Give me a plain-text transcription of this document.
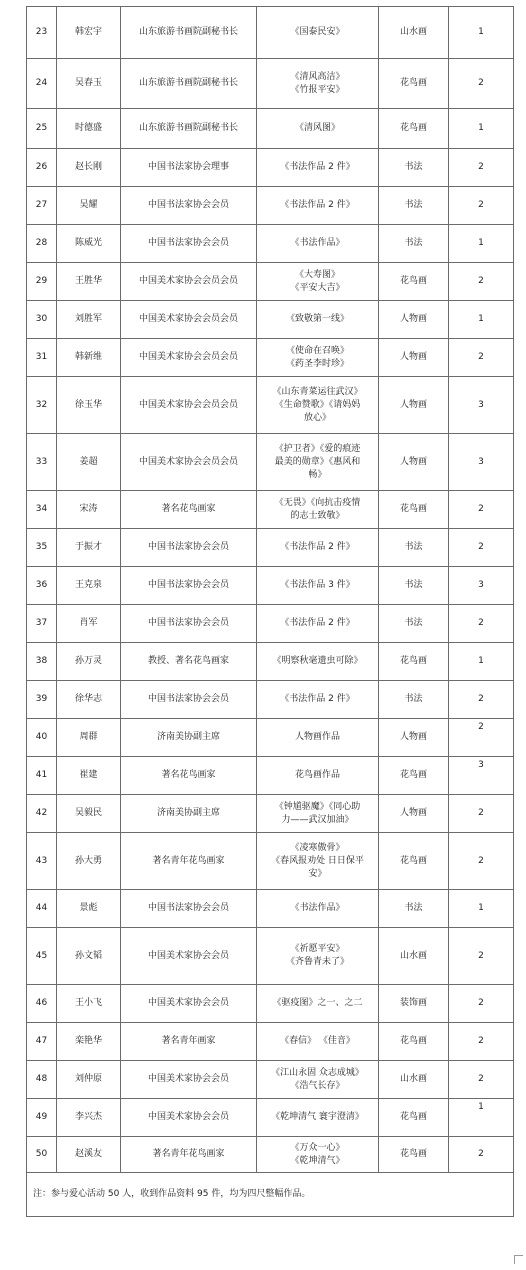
23	韩宏宇	山东旅游书画院副秘书长	《国泰民安》	山水画	1
24	吴春玉	山东旅游书画院副秘书长	《清风高洁》
《竹报平安》	花鸟画	2
25	时德盛	山东旅游书画院副秘书长	《清风图》	花鸟画	1
26	赵长刚	中国书法家协会理事	《书法作品 2 件》	书法	2
27	吴耀	中国书法家协会会员	《书法作品 2 件》	书法	2
28	陈威光	中国书法家协会会员	《书法作品》	书法	1
29	王胜华	中国美术家协会会员会员	《大寿图》
《平安大吉》	花鸟画	2
30	刘胜军	中国美术家协会会员会员	《致敬第一线》	人物画	1
31	韩新维	中国美术家协会会员会员	《使命在召唤》
《药圣李时珍》	人物画	2
32	徐玉华	中国美术家协会会员会员	《山东青菜运往武汉》
《生命赞歌》《请妈妈
放心》	人物画	3
33	姜超	中国美术家协会会员会员	《护卫者》《爱的痕迹
最美的勋章》《惠风和
畅》	人物画	3
34	宋涛	著名花鸟画家	《无畏》《向抗击疫情
的志士致敬》	花鸟画	2
35	于振才	中国书法家协会会员	《书法作品 2 件》	书法	2
36	王克泉	中国书法家协会会员	《书法作品 3 件》	书法	3
37	肖军	中国书法家协会会员	《书法作品 2 件》	书法	2
38	孙万灵	教授、著名花鸟画家	《明察秋毫遗虫可除》	花鸟画	1
39	徐华志	中国书法家协会会员	《书法作品 2 件》	书法	2
40	周群	济南美协副主席	人物画作品	人物画	2
41	崔建	著名花鸟画家	花鸟画作品	花鸟画	3
42	吴毅民	济南美协副主席	《钟馗驱魔》《同心助
力——武汉加油》	人物画	2
43	孙大勇	著名青年花鸟画家	《凌寒傲骨》
《春风报劝处 日日保平
安》	花鸟画	2
44	景彪	中国书法家协会会员	《书法作品》	书法	1
45	孙文韬	中国美术家协会会员	《祈愿平安》
《齐鲁青未了》	山水画	2
46	王小飞	中国美术家协会会员	《驱疫图》之一、之二	装饰画	2
47	栾艳华	著名青年画家	《春信》 《佳音》	花鸟画	2
48	刘仲原	中国美术家协会会员	《江山永固 众志成城》
《浩气长存》	山水画	2
49	李兴杰	中国美术家协会会员	《乾坤清气 寰宇澄清》	花鸟画	1
50	赵溪友	著名青年花鸟画家	《万众一心》
《乾坤清气》	花鸟画	2
注：参与爱心活动 50 人，收到作品资料 95 件，均为四尺整幅作品。					
